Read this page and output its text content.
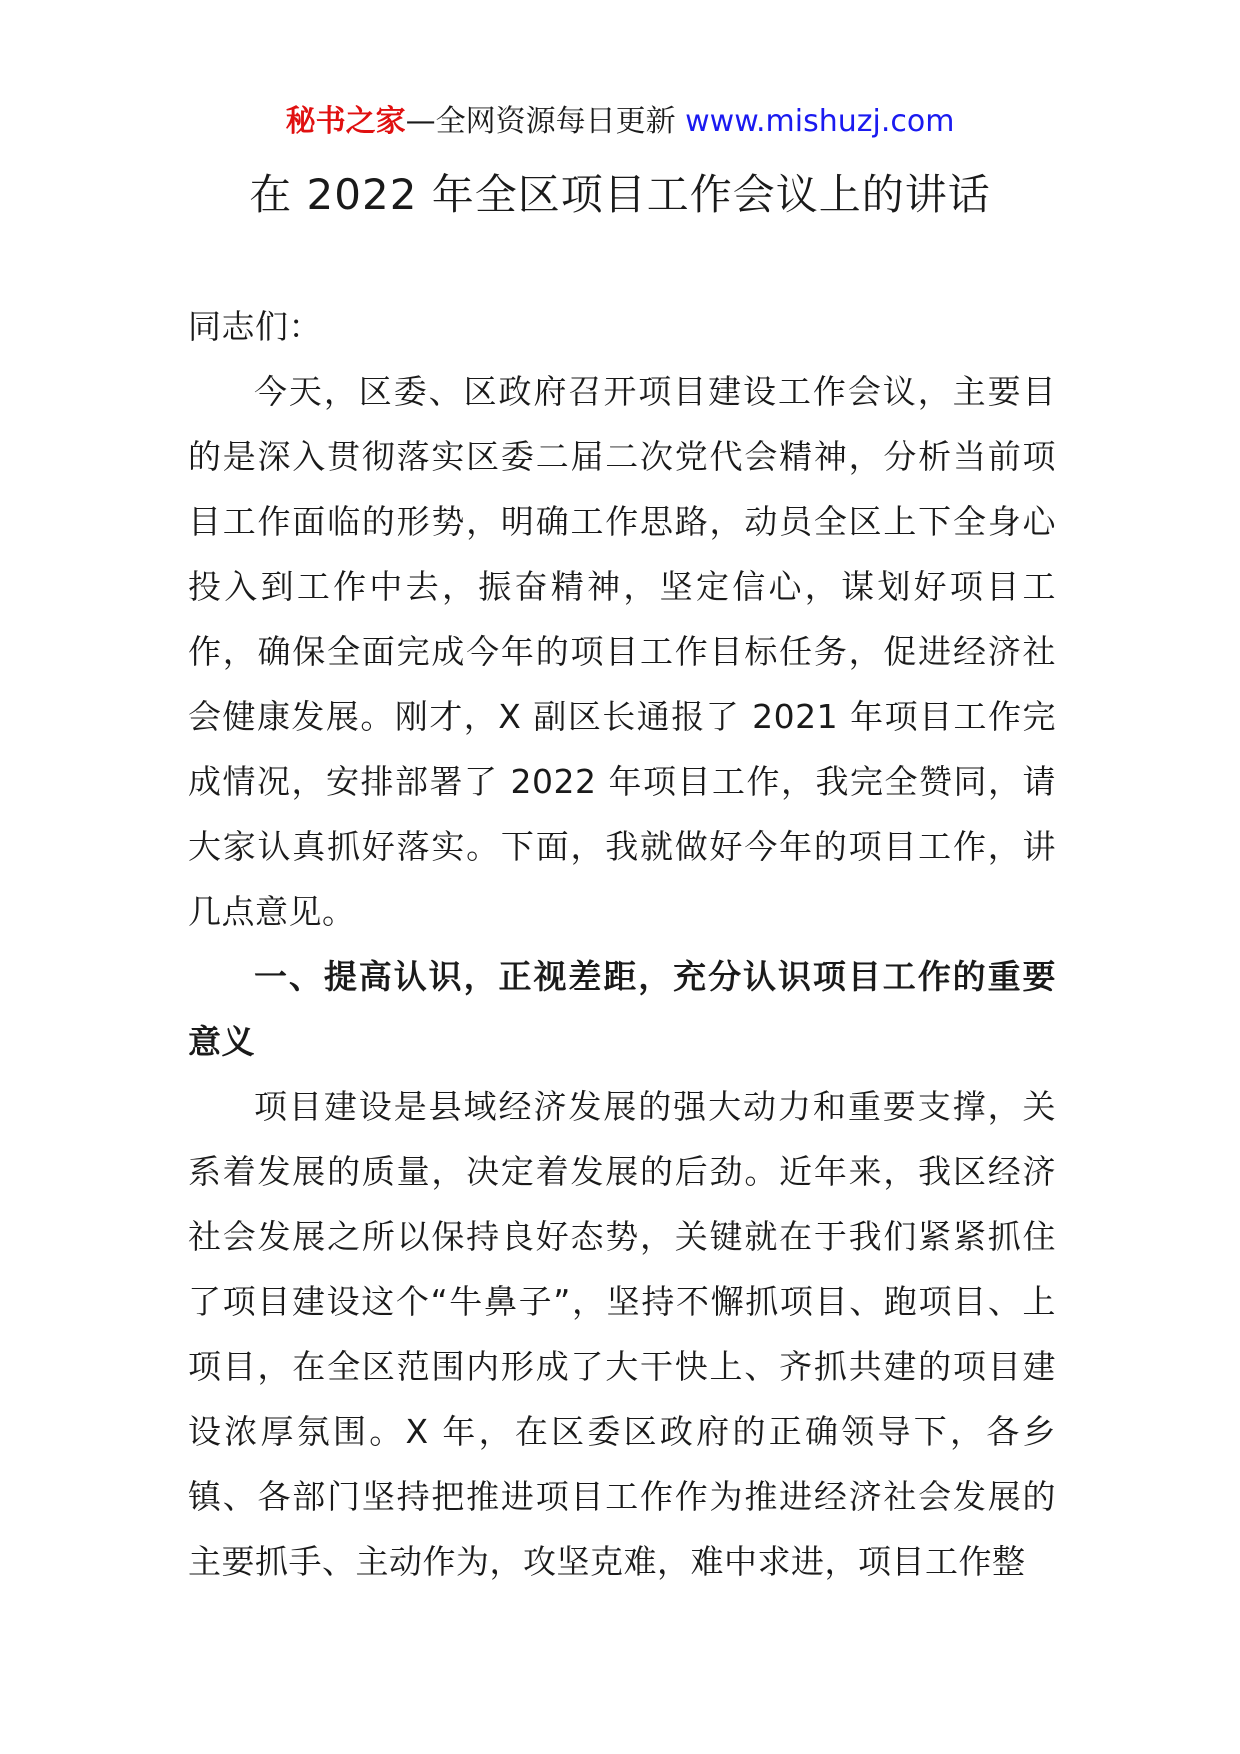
秘书之家—全网资源每日更新 www.mishuzj.com
在 2022 年全区项目工作会议上的讲话

同志们：

今天，区委、区政府召开项目建设工作会议，主要目的是深入贯彻落实区委二届二次党代会精神，分析当前项目工作面临的形势，明确工作思路，动员全区上下全身心投入到工作中去，振奋精神，坚定信心，谋划好项目工作，确保全面完成今年的项目工作目标任务，促进经济社会健康发展。刚才，X 副区长通报了 2021 年项目工作完成情况，安排部署了 2022 年项目工作，我完全赞同，请大家认真抓好落实。下面，我就做好今年的项目工作，讲几点意见。

一、提高认识，正视差距，充分认识项目工作的重要意义

项目建设是县域经济发展的强大动力和重要支撑，关系着发展的质量，决定着发展的后劲。近年来，我区经济社会发展之所以保持良好态势，关键就在于我们紧紧抓住了项目建设这个“牛鼻子”，坚持不懈抓项目、跑项目、上项目，在全区范围内形成了大干快上、齐抓共建的项目建设浓厚氛围。X 年，在区委区政府的正确领导下，各乡镇、各部门坚持把推进项目工作作为推进经济社会发展的主要抓手、主动作为，攻坚克难，难中求进，项目工作整
